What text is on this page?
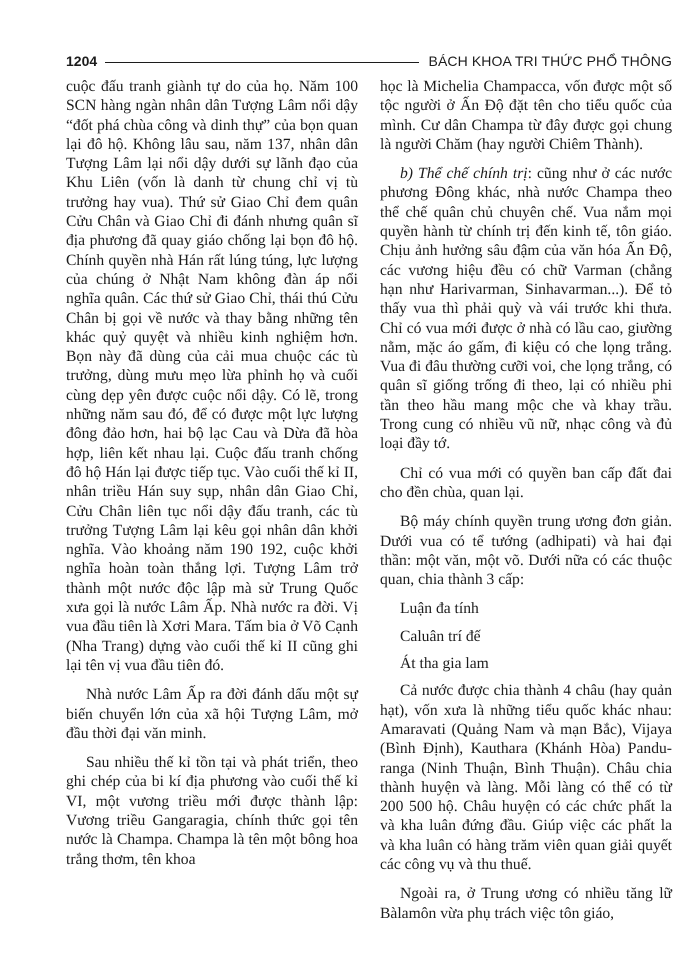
1204	BÁCH KHOA TRI THỨC PHỔ THÔNG

cuộc đấu tranh giành tự do của họ. Năm 100 SCN hàng ngàn nhân dân Tượng Lâm nổi dậy “đốt phá chùa công và dinh thự” của bọn quan lại đô hộ. Không lâu sau, năm 137, nhân dân Tượng Lâm lại nổi dậy dưới sự lãnh đạo của Khu Liên (vốn là danh từ chung chỉ vị tù trưởng hay vua). Thứ sử Giao Chỉ đem quân Cửu Chân và Giao Chỉ đi đánh nhưng quân sĩ địa phương đã quay giáo chống lại bọn đô hộ. Chính quyền nhà Hán rất lúng túng, lực lượng của chúng ở Nhật Nam không đàn áp nổi nghĩa quân. Các thứ sử Giao Chỉ, thái thú Cửu Chân bị gọi về nước và thay bằng những tên khác quỷ quyệt và nhiều kinh nghiệm hơn. Bọn này đã dùng của cải mua chuộc các tù trưởng, dùng mưu mẹo lừa phỉnh họ và cuối cùng dẹp yên được cuộc nổi dậy. Có lẽ, trong những năm sau đó, để có được một lực lượng đông đảo hơn, hai bộ lạc Cau và Dừa đã hòa hợp, liên kết nhau lại. Cuộc đấu tranh chống đô hộ Hán lại được tiếp tục. Vào cuối thế kỉ II, nhân triều Hán suy sụp, nhân dân Giao Chỉ, Cửu Chân liên tục nổi dậy đấu tranh, các tù trưởng Tượng Lâm lại kêu gọi nhân dân khởi nghĩa. Vào khoảng năm 190 192, cuộc khởi nghĩa hoàn toàn thắng lợi. Tượng Lâm trở thành một nước độc lập mà sử Trung Quốc xưa gọi là nước Lâm Ấp. Nhà nước ra đời. Vị vua đầu tiên là Xơri Mara. Tấm bia ở Võ Cạnh (Nha Trang) dựng vào cuối thế kỉ II cũng ghi lại tên vị vua đầu tiên đó.

Nhà nước Lâm Ấp ra đời đánh dấu một sự biến chuyển lớn của xã hội Tượng Lâm, mở đầu thời đại văn minh.

Sau nhiều thế kỉ tồn tại và phát triển, theo ghi chép của bi kí địa phương vào cuối thế kỉ VI, một vương triều mới được thành lập: Vương triều Gangaragia, chính thức gọi tên nước là Champa. Champa là tên một bông hoa trắng thơm, tên khoa

học là Michelia Champacca, vốn được một số tộc người ở Ấn Độ đặt tên cho tiểu quốc của mình. Cư dân Champa từ đây được gọi chung là người Chăm (hay người Chiêm Thành).

b) Thể chế chính trị: cũng như ở các nước phương Đông khác, nhà nước Champa theo thể chế quân chủ chuyên chế. Vua nắm mọi quyền hành từ chính trị đến kinh tế, tôn giáo. Chịu ảnh hưởng sâu đậm của văn hóa Ấn Độ, các vương hiệu đều có chữ Varman (chẳng hạn như Harivarman, Sinhavarman...). Để tỏ thấy vua thì phải quỳ và vái trước khi thưa. Chỉ có vua mới được ở nhà có lầu cao, giường nằm, mặc áo gấm, đi kiệu có che lọng trắng. Vua đi đâu thường cưỡi voi, che lọng trắng, có quân sĩ giống trống đi theo, lại có nhiều phi tần theo hầu mang mộc che và khay trầu. Trong cung có nhiều vũ nữ, nhạc công và đủ loại đầy tớ.

Chỉ có vua mới có quyền ban cấp đất đai cho đền chùa, quan lại.

Bộ máy chính quyền trung ương đơn giản. Dưới vua có tể tướng (adhipati) và hai đại thần: một văn, một võ. Dưới nữa có các thuộc quan, chia thành 3 cấp:

Luận đa tính

Caluân trí đế

Át tha gia lam

Cả nước được chia thành 4 châu (hay quản hạt), vốn xưa là những tiểu quốc khác nhau: Amaravati (Quảng Nam và mạn Bắc), Vijaya (Bình Định), Kauthara (Khánh Hòa) Pandu-ranga (Ninh Thuận, Bình Thuận). Châu chia thành huyện và làng. Mỗi làng có thể có từ 200 500 hộ. Châu huyện có các chức phất la và kha luân đứng đầu. Giúp việc các phất la và kha luân có hàng trăm viên quan giải quyết các công vụ và thu thuế.

Ngoài ra, ở Trung ương có nhiều tăng lữ Bàlamôn vừa phụ trách việc tôn giáo,
